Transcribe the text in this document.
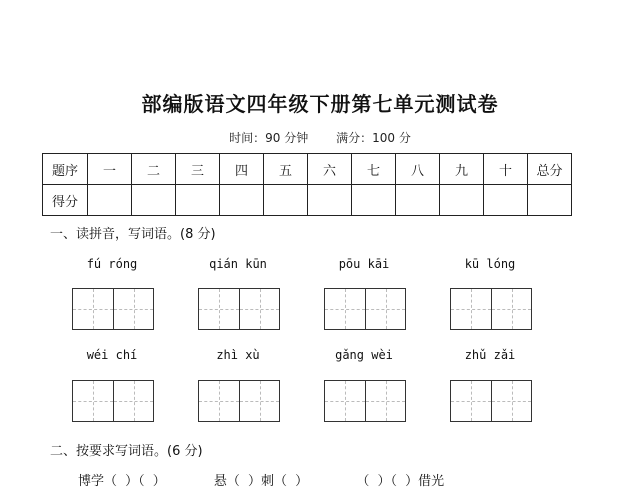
部编版语文四年级下册第七单元测试卷
时间：90 分钟 满分：100 分
题序	一	二	三	四	五	六	七	八	九	十	总分
得分											
一、读拼音，写词语。(8 分)
fú róng	qián kūn	pōu kāi	kū lóng
wéi chí	zhì xù	gǎng wèi	zhǔ zǎi
二、按要求写词语。(6 分)
博学（ ）（ ）	悬（ ）刺（ ）	（ ）（ ）借光
